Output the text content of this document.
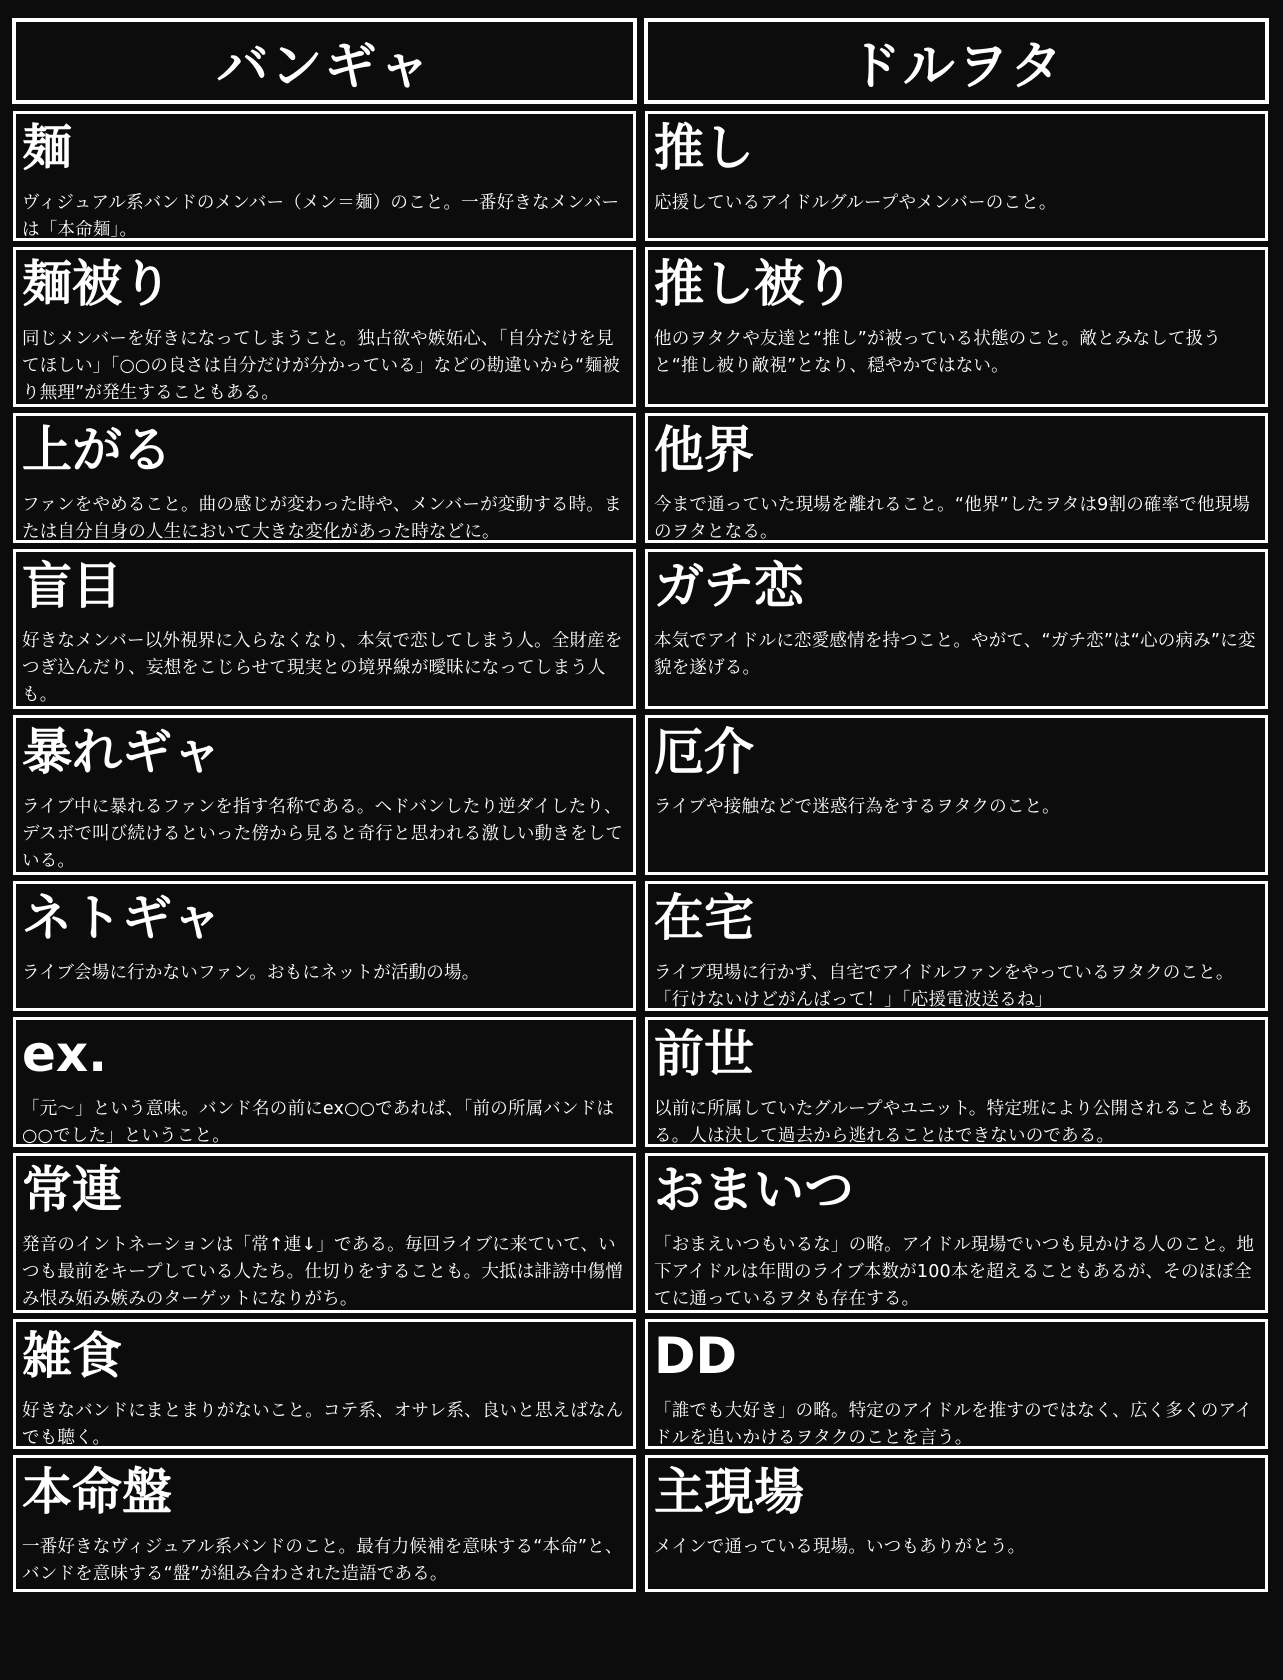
バンギャ	ドルヲタ
麺
ヴィジュアル系バンドのメンバー（メン＝麺）のこと。一番好きなメンバーは「本命麺」。
推し
応援しているアイドルグループやメンバーのこと。
麺被り
同じメンバーを好きになってしまうこと。独占欲や嫉妬心、「自分だけを見てほしい」「○○の良さは自分だけが分かっている」などの勘違いから“麺被り無理”が発生することもある。
推し被り
他のヲタクや友達と“推し”が被っている状態のこと。敵とみなして扱うと“推し被り敵視”となり、穏やかではない。
上がる
ファンをやめること。曲の感じが変わった時や、メンバーが変動する時。または自分自身の人生において大きな変化があった時などに。
他界
今まで通っていた現場を離れること。“他界”したヲタは9割の確率で他現場のヲタとなる。
盲目
好きなメンバー以外視界に入らなくなり、本気で恋してしまう人。全財産をつぎ込んだり、妄想をこじらせて現実との境界線が曖昧になってしまう人も。
ガチ恋
本気でアイドルに恋愛感情を持つこと。やがて、“ガチ恋”は“心の病み”に変貌を遂げる。
暴れギャ
ライブ中に暴れるファンを指す名称である。ヘドバンしたり逆ダイしたり、デスボで叫び続けるといった傍から見ると奇行と思われる激しい動きをしている。
厄介
ライブや接触などで迷惑行為をするヲタクのこと。
ネトギャ
ライブ会場に行かないファン。おもにネットが活動の場。
在宅
ライブ現場に行かず、自宅でアイドルファンをやっているヲタクのこと。「行けないけどがんばって！」「応援電波送るね」
ex.
「元～」という意味。バンド名の前にex○○であれば、「前の所属バンドは○○でした」ということ。
前世
以前に所属していたグループやユニット。特定班により公開されることもある。人は決して過去から逃れることはできないのである。
常連
発音のイントネーションは「常↑連↓」である。毎回ライブに来ていて、いつも最前をキープしている人たち。仕切りをすることも。大抵は誹謗中傷憎み恨み妬み嫉みのターゲットになりがち。
おまいつ
「おまえいつもいるな」の略。アイドル現場でいつも見かける人のこと。地下アイドルは年間のライブ本数が100本を超えることもあるが、そのほぼ全てに通っているヲタも存在する。
雑食
好きなバンドにまとまりがないこと。コテ系、オサレ系、良いと思えばなんでも聴く。
DD
「誰でも大好き」の略。特定のアイドルを推すのではなく、広く多くのアイドルを追いかけるヲタクのことを言う。
本命盤
一番好きなヴィジュアル系バンドのこと。最有力候補を意味する“本命”と、バンドを意味する“盤”が組み合わされた造語である。
主現場
メインで通っている現場。いつもありがとう。
